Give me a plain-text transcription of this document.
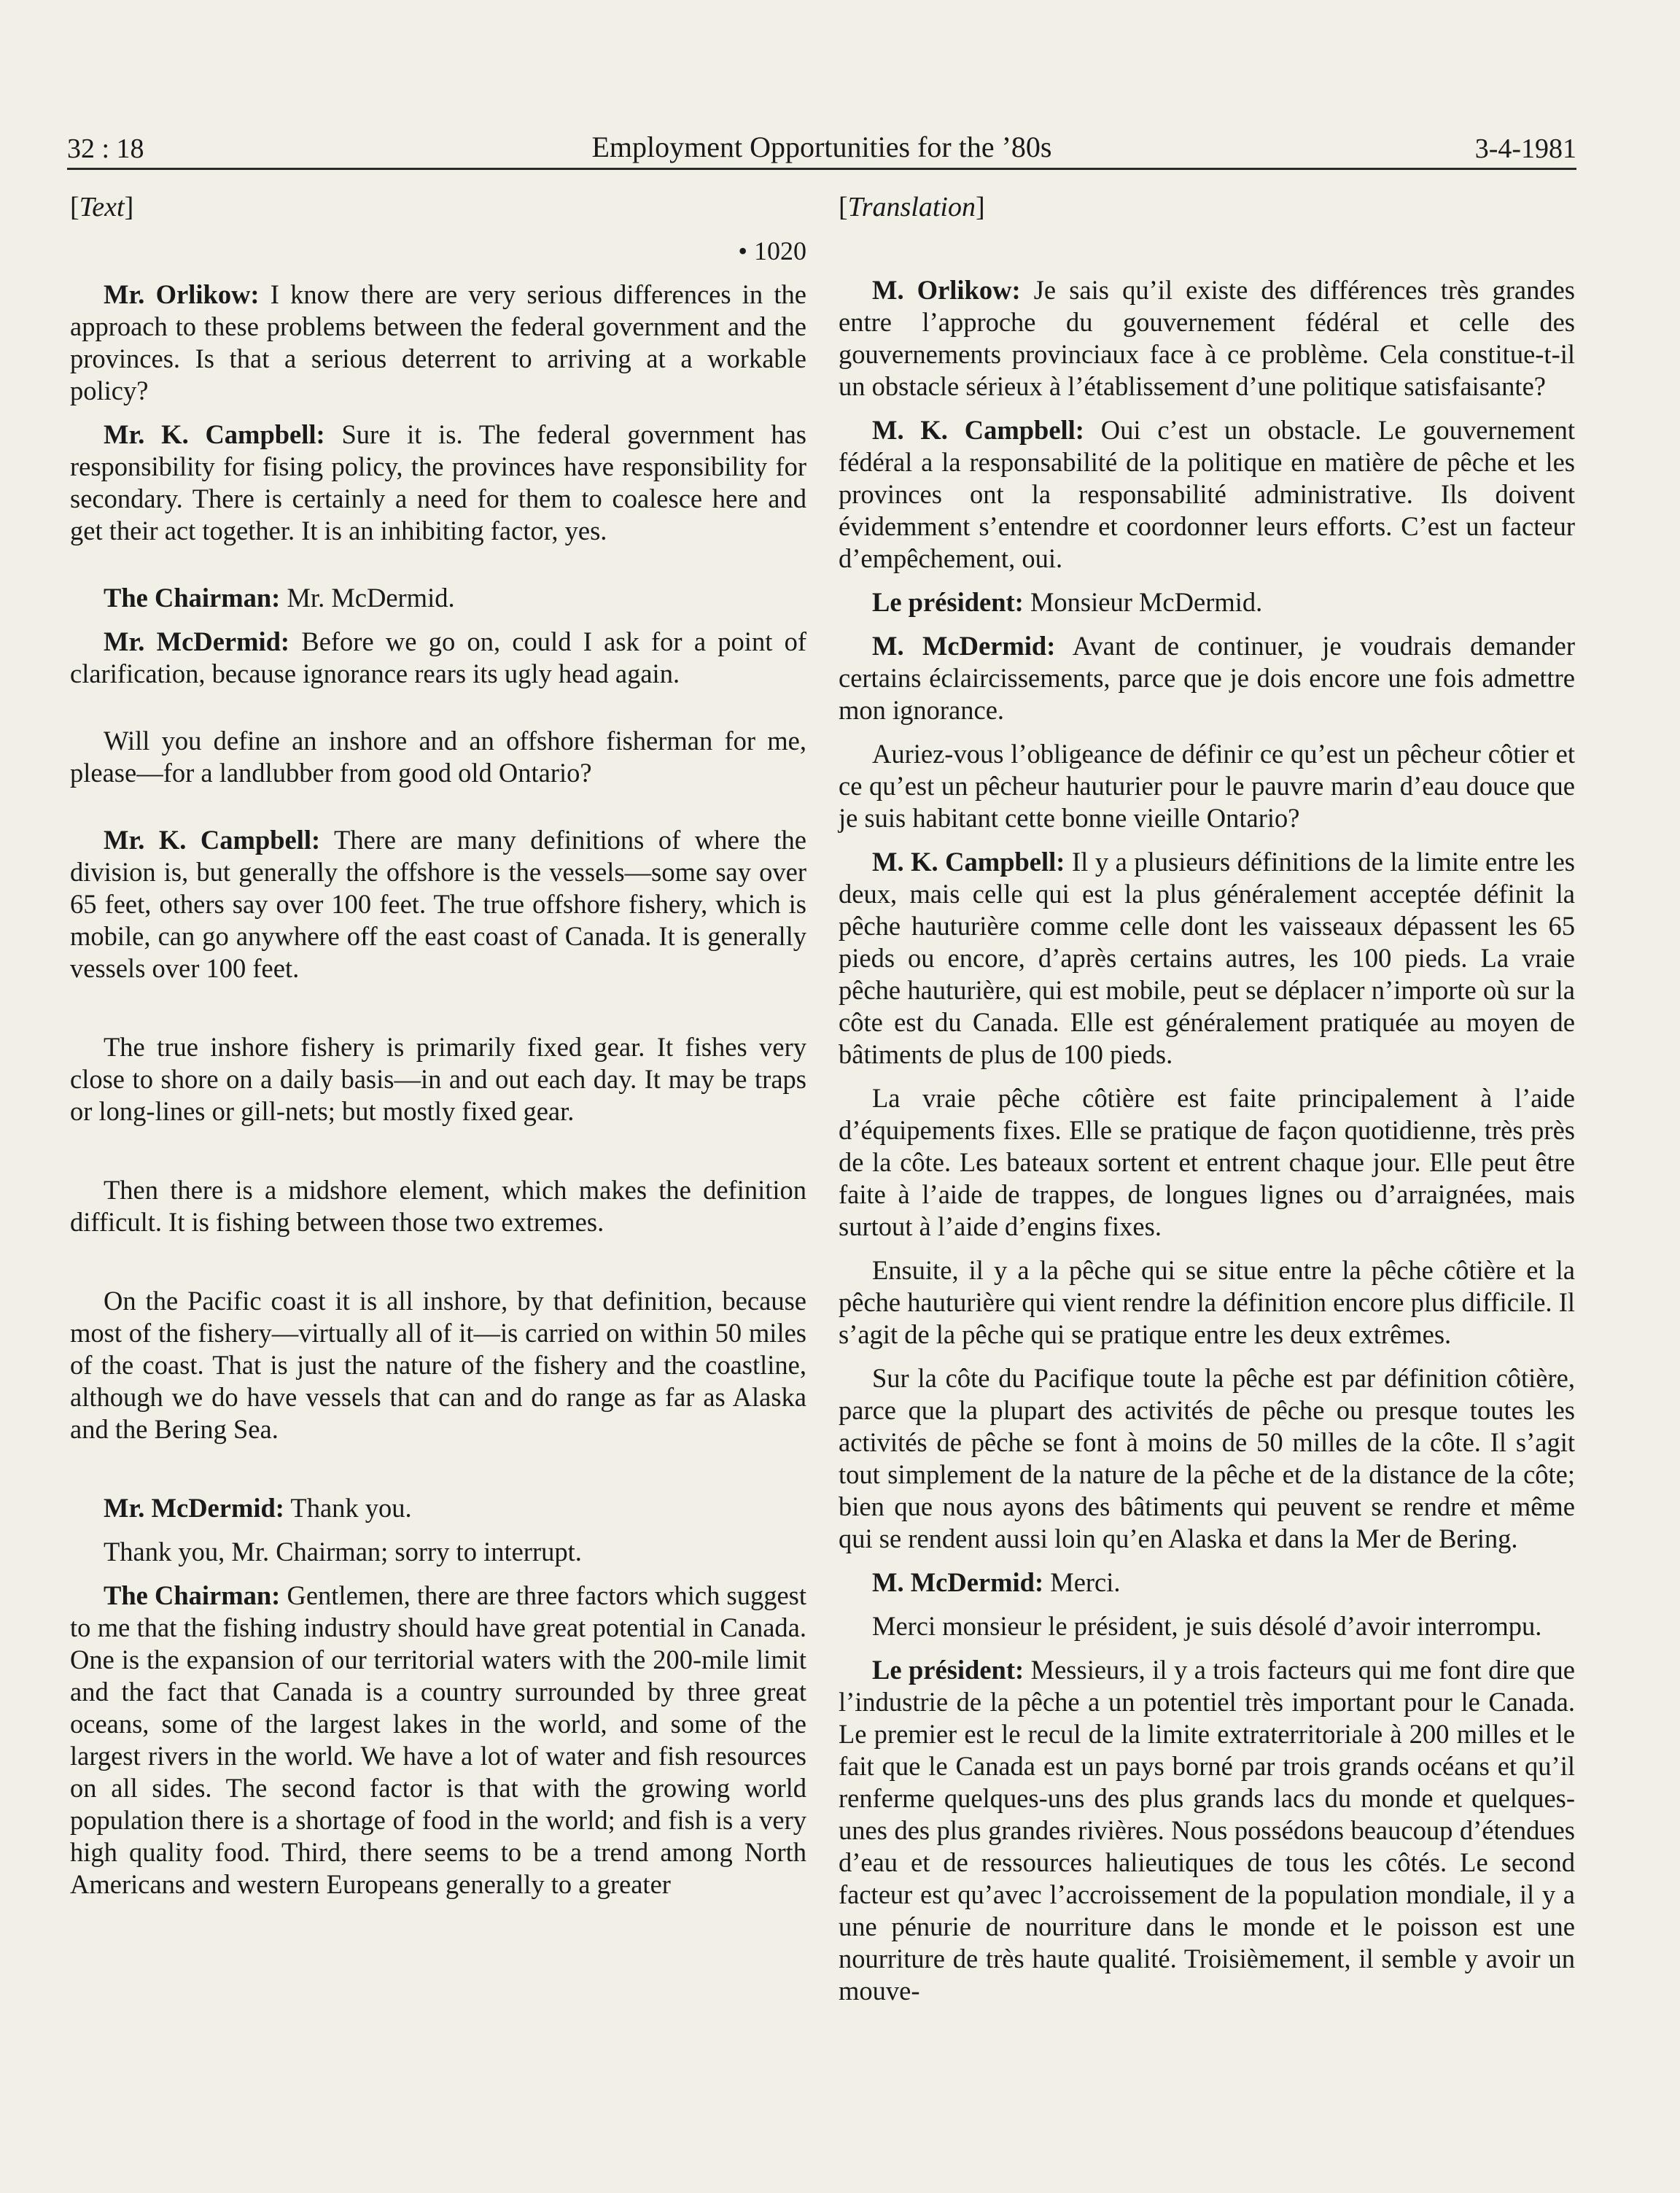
32 : 18	Employment Opportunities for the ’80s	3-4-1981

[Text]

• 1020

Mr. Orlikow: I know there are very serious differences in the approach to these problems between the federal government and the provinces. Is that a serious deterrent to arriving at a workable policy?

Mr. K. Campbell: Sure it is. The federal government has responsibility for fising policy, the provinces have responsibility for secondary. There is certainly a need for them to coalesce here and get their act together. It is an inhibiting factor, yes.

The Chairman: Mr. McDermid.

Mr. McDermid: Before we go on, could I ask for a point of clarification, because ignorance rears its ugly head again.

Will you define an inshore and an offshore fisherman for me, please—for a landlubber from good old Ontario?

Mr. K. Campbell: There are many definitions of where the division is, but generally the offshore is the vessels—some say over 65 feet, others say over 100 feet. The true offshore fishery, which is mobile, can go anywhere off the east coast of Canada. It is generally vessels over 100 feet.

The true inshore fishery is primarily fixed gear. It fishes very close to shore on a daily basis—in and out each day. It may be traps or long-lines or gill-nets; but mostly fixed gear.

Then there is a midshore element, which makes the definition difficult. It is fishing between those two extremes.

On the Pacific coast it is all inshore, by that definition, because most of the fishery—virtually all of it—is carried on within 50 miles of the coast. That is just the nature of the fishery and the coastline, although we do have vessels that can and do range as far as Alaska and the Bering Sea.

Mr. McDermid: Thank you.

Thank you, Mr. Chairman; sorry to interrupt.

The Chairman: Gentlemen, there are three factors which suggest to me that the fishing industry should have great potential in Canada. One is the expansion of our territorial waters with the 200-mile limit and the fact that Canada is a country surrounded by three great oceans, some of the largest lakes in the world, and some of the largest rivers in the world. We have a lot of water and fish resources on all sides. The second factor is that with the growing world population there is a shortage of food in the world; and fish is a very high quality food. Third, there seems to be a trend among North Americans and western Europeans generally to a greater

[Translation]

M. Orlikow: Je sais qu’il existe des différences très grandes entre l’approche du gouvernement fédéral et celle des gouvernements provinciaux face à ce problème. Cela constitue-t-il un obstacle sérieux à l’établissement d’une politique satisfaisante?

M. K. Campbell: Oui c’est un obstacle. Le gouvernement fédéral a la responsabilité de la politique en matière de pêche et les provinces ont la responsabilité administrative. Ils doivent évidemment s’entendre et coordonner leurs efforts. C’est un facteur d’empêchement, oui.

Le président: Monsieur McDermid.

M. McDermid: Avant de continuer, je voudrais demander certains éclaircissements, parce que je dois encore une fois admettre mon ignorance.

Auriez-vous l’obligeance de définir ce qu’est un pêcheur côtier et ce qu’est un pêcheur hauturier pour le pauvre marin d’eau douce que je suis habitant cette bonne vieille Ontario?

M. K. Campbell: Il y a plusieurs définitions de la limite entre les deux, mais celle qui est la plus généralement acceptée définit la pêche hauturière comme celle dont les vaisseaux dépassent les 65 pieds ou encore, d’après certains autres, les 100 pieds. La vraie pêche hauturière, qui est mobile, peut se déplacer n’importe où sur la côte est du Canada. Elle est généralement pratiquée au moyen de bâtiments de plus de 100 pieds.

La vraie pêche côtière est faite principalement à l’aide d’équipements fixes. Elle se pratique de façon quotidienne, très près de la côte. Les bateaux sortent et entrent chaque jour. Elle peut être faite à l’aide de trappes, de longues lignes ou d’arraignées, mais surtout à l’aide d’engins fixes.

Ensuite, il y a la pêche qui se situe entre la pêche côtière et la pêche hauturière qui vient rendre la définition encore plus difficile. Il s’agit de la pêche qui se pratique entre les deux extrêmes.

Sur la côte du Pacifique toute la pêche est par définition côtière, parce que la plupart des activités de pêche ou presque toutes les activités de pêche se font à moins de 50 milles de la côte. Il s’agit tout simplement de la nature de la pêche et de la distance de la côte; bien que nous ayons des bâtiments qui peuvent se rendre et même qui se rendent aussi loin qu’en Alaska et dans la Mer de Bering.

M. McDermid: Merci.

Merci monsieur le président, je suis désolé d’avoir interrompu.

Le président: Messieurs, il y a trois facteurs qui me font dire que l’industrie de la pêche a un potentiel très important pour le Canada. Le premier est le recul de la limite extraterritoriale à 200 milles et le fait que le Canada est un pays borné par trois grands océans et qu’il renferme quelques-uns des plus grands lacs du monde et quelques-unes des plus grandes rivières. Nous possédons beaucoup d’étendues d’eau et de ressources halieutiques de tous les côtés. Le second facteur est qu’avec l’accroissement de la population mondiale, il y a une pénurie de nourriture dans le monde et le poisson est une nourriture de très haute qualité. Troisièmement, il semble y avoir un mouve-
